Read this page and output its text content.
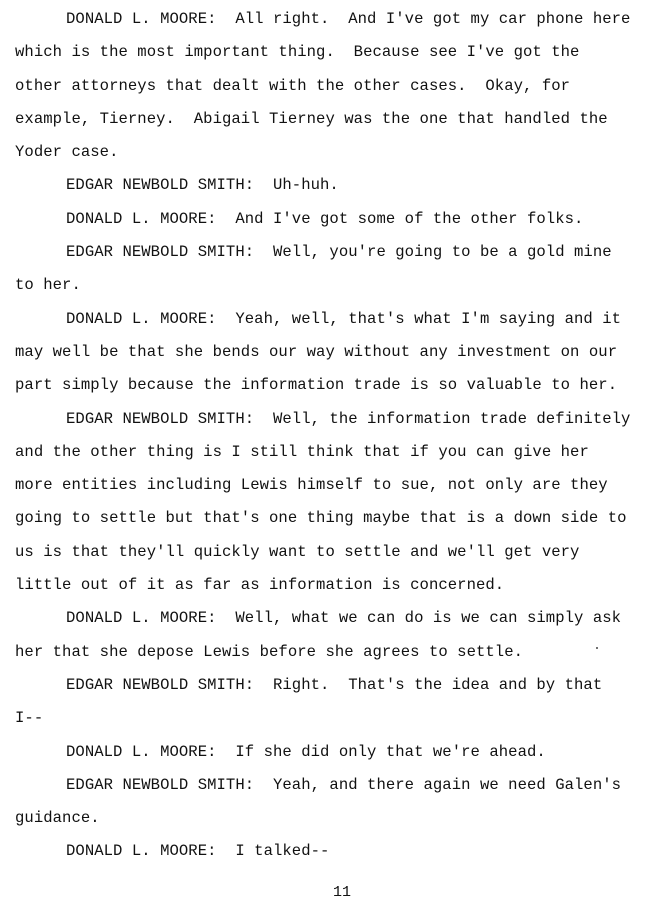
DONALD L. MOORE:  All right.  And I've got my car phone here
which is the most important thing.  Because see I've got the
other attorneys that dealt with the other cases.  Okay, for
example, Tierney.  Abigail Tierney was the one that handled the
Yoder case.
EDGAR NEWBOLD SMITH:  Uh-huh.
DONALD L. MOORE:  And I've got some of the other folks.
EDGAR NEWBOLD SMITH:  Well, you're going to be a gold mine
to her.
DONALD L. MOORE:  Yeah, well, that's what I'm saying and it
may well be that she bends our way without any investment on our
part simply because the information trade is so valuable to her.
EDGAR NEWBOLD SMITH:  Well, the information trade definitely
and the other thing is I still think that if you can give her
more entities including Lewis himself to sue, not only are they
going to settle but that's one thing maybe that is a down side to
us is that they'll quickly want to settle and we'll get very
little out of it as far as information is concerned.
DONALD L. MOORE:  Well, what we can do is we can simply ask
her that she depose Lewis before she agrees to settle.
EDGAR NEWBOLD SMITH:  Right.  That's the idea and by that
I--
DONALD L. MOORE:  If she did only that we're ahead.
EDGAR NEWBOLD SMITH:  Yeah, and there again we need Galen's
guidance.
DONALD L. MOORE:  I talked--
11
